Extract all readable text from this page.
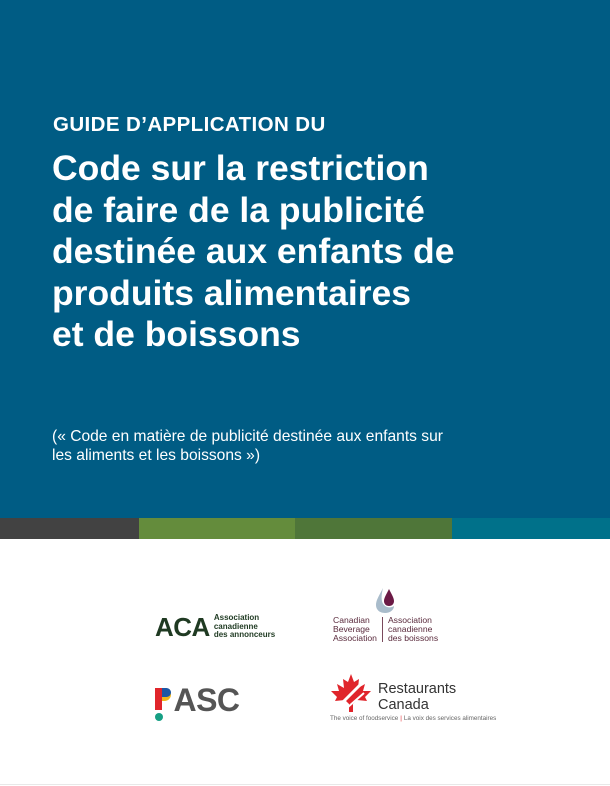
GUIDE D’APPLICATION DU
Code sur la restriction
de faire de la publicité
destinée aux enfants de
produits alimentaires
et de boissons
(« Code en matière de publicité destinée aux enfants sur
les aliments et les boissons »)
ACA Association
canadienne
des annonceurs
Canadian
Beverage
Association
Association
canadienne
des boissons
ASC	Restaurants
Canada
The voice of foodservice | La voix des services alimentaires
